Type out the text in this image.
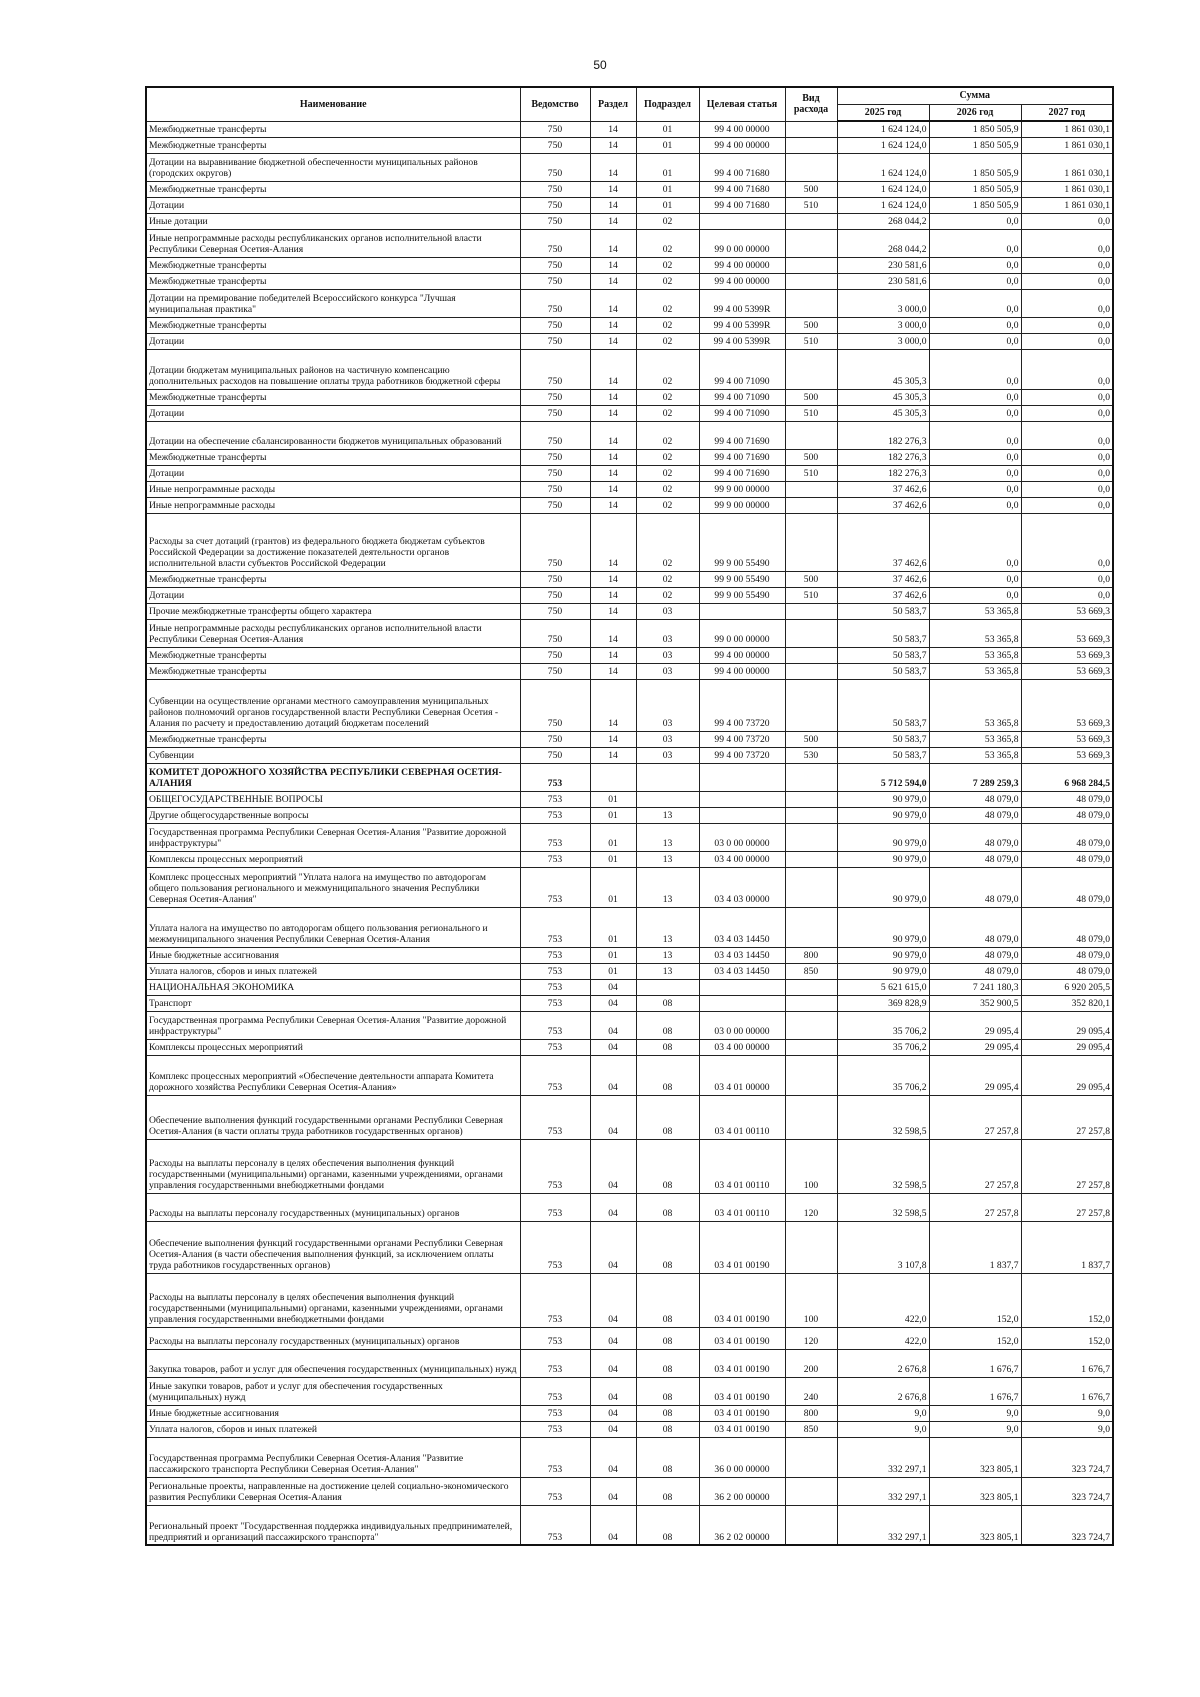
50
Наименование	Ведомство	Раздел	Подраздел	Целевая статья	Вид расхода	Сумма		
						2025 год	2026 год	2027 год
Межбюджетные трансферты	750	14	01	99 4 00 00000		1 624 124,0	1 850 505,9	1 861 030,1
Межбюджетные трансферты	750	14	01	99 4 00 00000		1 624 124,0	1 850 505,9	1 861 030,1
Дотации на выравнивание бюджетной обеспеченности муниципальных районов (городских округов)	750	14	01	99 4 00 71680		1 624 124,0	1 850 505,9	1 861 030,1
Межбюджетные трансферты	750	14	01	99 4 00 71680	500	1 624 124,0	1 850 505,9	1 861 030,1
Дотации	750	14	01	99 4 00 71680	510	1 624 124,0	1 850 505,9	1 861 030,1
Иные дотации	750	14	02			268 044,2	0,0	0,0
Иные непрограммные расходы республиканских органов исполнительной власти Республики Северная Осетия-Алания	750	14	02	99 0 00 00000		268 044,2	0,0	0,0
Межбюджетные трансферты	750	14	02	99 4 00 00000		230 581,6	0,0	0,0
Межбюджетные трансферты	750	14	02	99 4 00 00000		230 581,6	0,0	0,0
Дотации на премирование победителей Всероссийского конкурса "Лучшая муниципальная практика"	750	14	02	99 4 00 5399R		3 000,0	0,0	0,0
Межбюджетные трансферты	750	14	02	99 4 00 5399R	500	3 000,0	0,0	0,0
Дотации	750	14	02	99 4 00 5399R	510	3 000,0	0,0	0,0
Дотации бюджетам муниципальных районов на частичную компенсацию дополнительных расходов на повышение оплаты труда работников бюджетной сферы	750	14	02	99 4 00 71090		45 305,3	0,0	0,0
Межбюджетные трансферты	750	14	02	99 4 00 71090	500	45 305,3	0,0	0,0
Дотации	750	14	02	99 4 00 71090	510	45 305,3	0,0	0,0
Дотации на обеспечение сбалансированности бюджетов муниципальных образований	750	14	02	99 4 00 71690		182 276,3	0,0	0,0
Межбюджетные трансферты	750	14	02	99 4 00 71690	500	182 276,3	0,0	0,0
Дотации	750	14	02	99 4 00 71690	510	182 276,3	0,0	0,0
Иные непрограммные расходы	750	14	02	99 9 00 00000		37 462,6	0,0	0,0
Иные непрограммные расходы	750	14	02	99 9 00 00000		37 462,6	0,0	0,0
Расходы за счет дотаций (грантов) из федерального бюджета бюджетам субъектов Российской Федерации за достижение показателей деятельности органов исполнительной власти субъектов Российской Федерации	750	14	02	99 9 00 55490		37 462,6	0,0	0,0
Межбюджетные трансферты	750	14	02	99 9 00 55490	500	37 462,6	0,0	0,0
Дотации	750	14	02	99 9 00 55490	510	37 462,6	0,0	0,0
Прочие межбюджетные трансферты общего характера	750	14	03			50 583,7	53 365,8	53 669,3
Иные непрограммные расходы республиканских органов исполнительной власти Республики Северная Осетия-Алания	750	14	03	99 0 00 00000		50 583,7	53 365,8	53 669,3
Межбюджетные трансферты	750	14	03	99 4 00 00000		50 583,7	53 365,8	53 669,3
Межбюджетные трансферты	750	14	03	99 4 00 00000		50 583,7	53 365,8	53 669,3
Субвенции на осуществление органами местного самоуправления муниципальных районов полномочий органов государственной власти Республики Северная Осетия - Алания по расчету и предоставлению дотаций бюджетам поселений	750	14	03	99 4 00 73720		50 583,7	53 365,8	53 669,3
Межбюджетные трансферты	750	14	03	99 4 00 73720	500	50 583,7	53 365,8	53 669,3
Субвенции	750	14	03	99 4 00 73720	530	50 583,7	53 365,8	53 669,3
КОМИТЕТ ДОРОЖНОГО ХОЗЯЙСТВА РЕСПУБЛИКИ СЕВЕРНАЯ ОСЕТИЯ-АЛАНИЯ	753					5 712 594,0	7 289 259,3	6 968 284,5
ОБЩЕГОСУДАРСТВЕННЫЕ ВОПРОСЫ	753	01				90 979,0	48 079,0	48 079,0
Другие общегосударственные вопросы	753	01	13			90 979,0	48 079,0	48 079,0
Государственная программа Республики Северная Осетия-Алания "Развитие дорожной инфраструктуры"	753	01	13	03 0 00 00000		90 979,0	48 079,0	48 079,0
Комплексы процессных мероприятий	753	01	13	03 4 00 00000		90 979,0	48 079,0	48 079,0
Комплекс процессных мероприятий "Уплата налога на имущество по автодорогам общего пользования регионального и межмуниципального значения Республики Северная Осетия-Алания"	753	01	13	03 4 03 00000		90 979,0	48 079,0	48 079,0
Уплата налога на имущество по автодорогам общего пользования регионального и межмуниципального значения Республики Северная Осетия-Алания	753	01	13	03 4 03 14450		90 979,0	48 079,0	48 079,0
Иные бюджетные ассигнования	753	01	13	03 4 03 14450	800	90 979,0	48 079,0	48 079,0
Уплата налогов, сборов и иных платежей	753	01	13	03 4 03 14450	850	90 979,0	48 079,0	48 079,0
НАЦИОНАЛЬНАЯ ЭКОНОМИКА	753	04				5 621 615,0	7 241 180,3	6 920 205,5
Транспорт	753	04	08			369 828,9	352 900,5	352 820,1
Государственная программа Республики Северная Осетия-Алания "Развитие дорожной инфраструктуры"	753	04	08	03 0 00 00000		35 706,2	29 095,4	29 095,4
Комплексы процессных мероприятий	753	04	08	03 4 00 00000		35 706,2	29 095,4	29 095,4
Комплекс процессных мероприятий «Обеспечение деятельности аппарата Комитета дорожного хозяйства Республики Северная Осетия-Алания»	753	04	08	03 4 01 00000		35 706,2	29 095,4	29 095,4
Обеспечение выполнения функций государственными органами Республики Северная Осетия-Алания (в части оплаты труда работников государственных органов)	753	04	08	03 4 01 00110		32 598,5	27 257,8	27 257,8
Расходы на выплаты персоналу в целях обеспечения выполнения функций государственными (муниципальными) органами, казенными учреждениями, органами управления государственными внебюджетными фондами	753	04	08	03 4 01 00110	100	32 598,5	27 257,8	27 257,8
Расходы на выплаты персоналу государственных (муниципальных) органов	753	04	08	03 4 01 00110	120	32 598,5	27 257,8	27 257,8
Обеспечение выполнения функций государственными органами Республики Северная Осетия-Алания (в части обеспечения выполнения функций, за исключением оплаты труда работников государственных органов)	753	04	08	03 4 01 00190		3 107,8	1 837,7	1 837,7
Расходы на выплаты персоналу в целях обеспечения выполнения функций государственными (муниципальными) органами, казенными учреждениями, органами управления государственными внебюджетными фондами	753	04	08	03 4 01 00190	100	422,0	152,0	152,0
Расходы на выплаты персоналу государственных (муниципальных) органов	753	04	08	03 4 01 00190	120	422,0	152,0	152,0
Закупка товаров, работ и услуг для обеспечения государственных (муниципальных) нужд	753	04	08	03 4 01 00190	200	2 676,8	1 676,7	1 676,7
Иные закупки товаров, работ и услуг для обеспечения государственных (муниципальных) нужд	753	04	08	03 4 01 00190	240	2 676,8	1 676,7	1 676,7
Иные бюджетные ассигнования	753	04	08	03 4 01 00190	800	9,0	9,0	9,0
Уплата налогов, сборов и иных платежей	753	04	08	03 4 01 00190	850	9,0	9,0	9,0
Государственная программа Республики Северная Осетия-Алания "Развитие пассажирского транспорта Республики Северная Осетия-Алания"	753	04	08	36 0 00 00000		332 297,1	323 805,1	323 724,7
Региональные проекты, направленные на достижение целей социально-экономического развития Республики Северная Осетия-Алания	753	04	08	36 2 00 00000		332 297,1	323 805,1	323 724,7
Региональный проект "Государственная поддержка индивидуальных предпринимателей, предприятий и организаций пассажирского транспорта"	753	04	08	36 2 02 00000		332 297,1	323 805,1	323 724,7
